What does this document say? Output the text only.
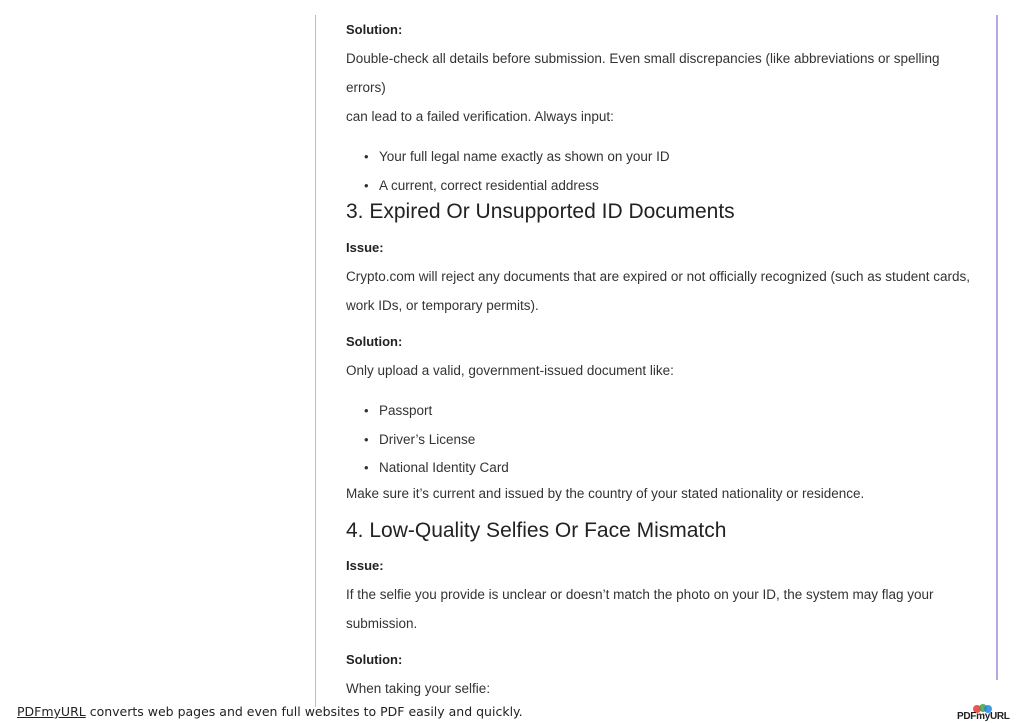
Solution:
Double-check all details before submission. Even small discrepancies (like abbreviations or spelling errors)
can lead to a failed verification. Always input:
• Your full legal name exactly as shown on your ID
• A current, correct residential address
3. Expired Or Unsupported ID Documents
Issue:
Crypto.com will reject any documents that are expired or not officially recognized (such as student cards,
work IDs, or temporary permits).
Solution:
Only upload a valid, government-issued document like:
• Passport
• Driver’s License
• National Identity Card
Make sure it’s current and issued by the country of your stated nationality or residence.
4. Low-Quality Selfies Or Face Mismatch
Issue:
If the selfie you provide is unclear or doesn’t match the photo on your ID, the system may flag your
submission.
Solution:
When taking your selfie:
PDFmyURL converts web pages and even full websites to PDF easily and quickly.	PDFmyURL
